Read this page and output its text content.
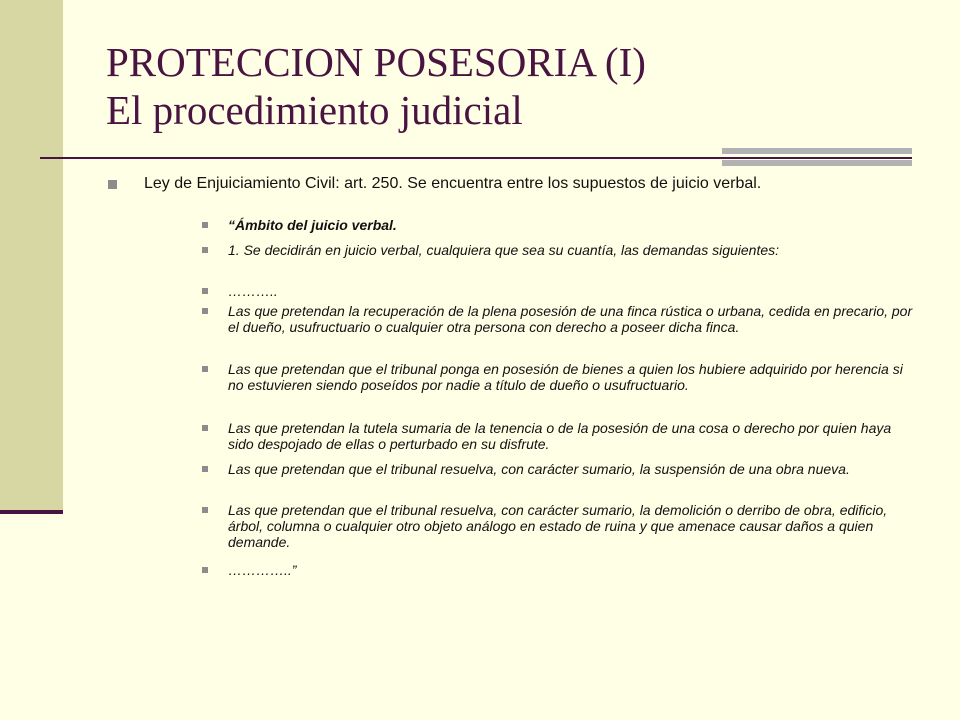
PROTECCION POSESORIA (I)
El procedimiento judicial
Ley de Enjuiciamiento Civil: art. 250. Se encuentra entre los supuestos de juicio verbal.
“Ámbito del juicio verbal.
1. Se decidirán en juicio verbal, cualquiera que sea su cuantía, las demandas siguientes:
………..
Las que pretendan la recuperación de la plena posesión de una finca rústica o urbana, cedida en precario, por el dueño, usufructuario o cualquier otra persona con derecho a poseer dicha finca.
Las que pretendan que el tribunal ponga en posesión de bienes a quien los hubiere adquirido por herencia si no estuvieren siendo poseídos por nadie a título de dueño o usufructuario.
Las que pretendan la tutela sumaria de la tenencia o de la posesión de una cosa o derecho por quien haya sido despojado de ellas o perturbado en su disfrute.
Las que pretendan que el tribunal resuelva, con carácter sumario, la suspensión de una obra nueva.
Las que pretendan que el tribunal resuelva, con carácter sumario, la demolición o derribo de obra, edificio, árbol, columna o cualquier otro objeto análogo en estado de ruina y que amenace causar daños a quien demande.
…………..”
